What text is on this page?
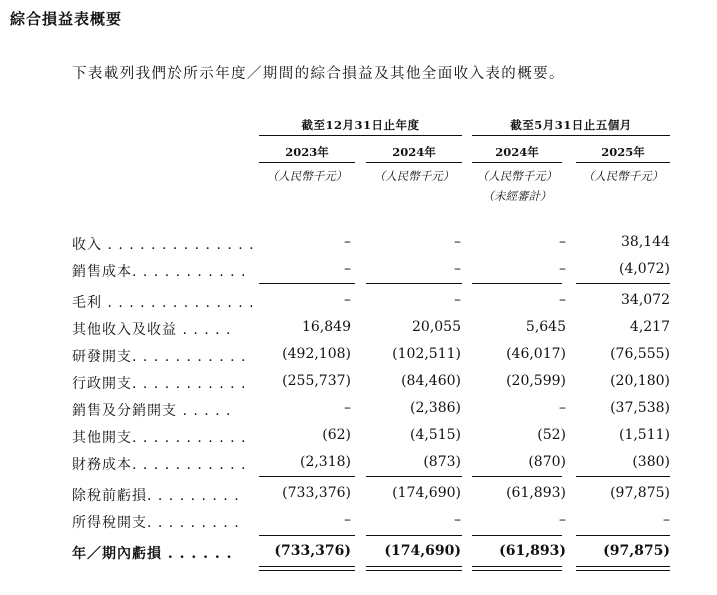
綜合損益表概要
下表載列我們於所示年度／期間的綜合損益及其他全面收入表的概要。
截至12月31日止年度	截至5月31日止五個月
2023年	2024年	2024年	2025年
（人民幣千元）	（人民幣千元）	（人民幣千元）	（人民幣千元）
（未經審計）
收入 . . . . . . . . . . . . . .	–	–	–	38,144
銷售成本. . . . . . . . . . .	–	–	–	(4,072)
毛利 . . . . . . . . . . . . . .	–	–	–	34,072
其他收入及收益 . . . . .	16,849	20,055	5,645	4,217
研發開支. . . . . . . . . . .	(492,108)	(102,511)	(46,017)	(76,555)
行政開支. . . . . . . . . . .	(255,737)	(84,460)	(20,599)	(20,180)
銷售及分銷開支 . . . . .	–	(2,386)	–	(37,538)
其他開支. . . . . . . . . . .	(62)	(4,515)	(52)	(1,511)
財務成本. . . . . . . . . . .	(2,318)	(873)	(870)	(380)
除稅前虧損. . . . . . . . .	(733,376)	(174,690)	(61,893)	(97,875)
所得稅開支. . . . . . . . .	–	–	–	–
年／期內虧損 . . . . . .	(733,376)	(174,690)	(61,893)	(97,875)
